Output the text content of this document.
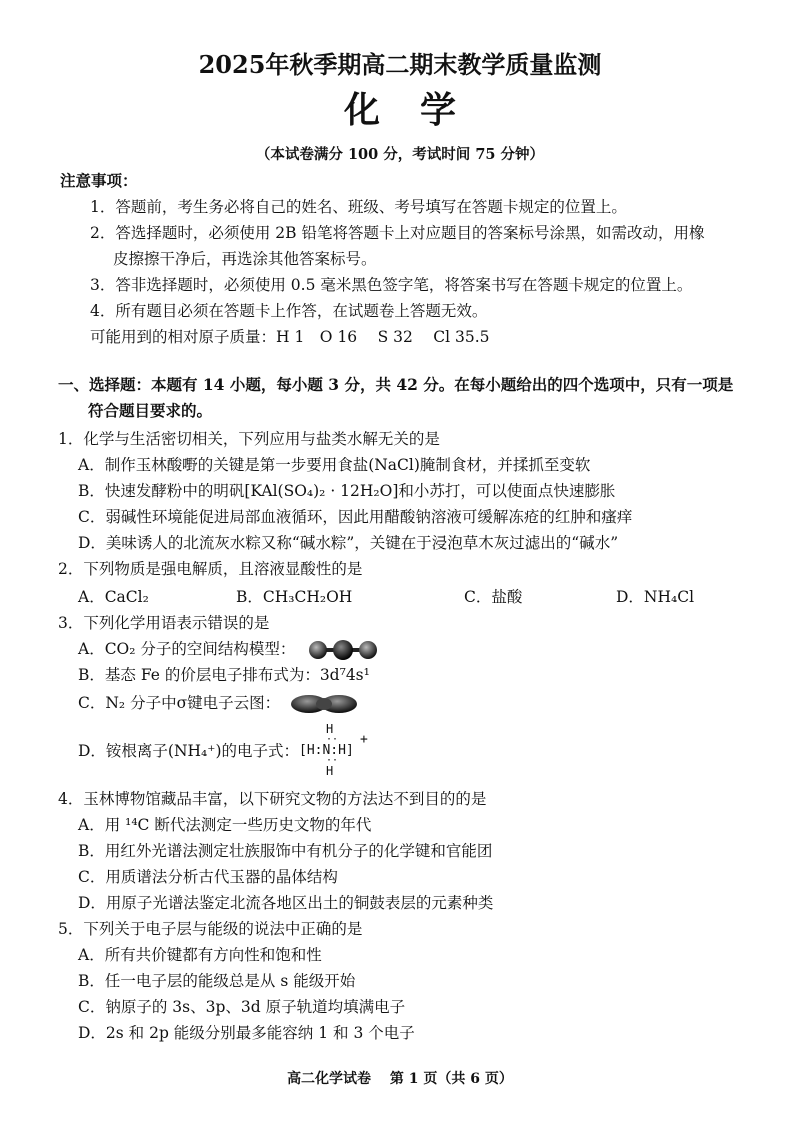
2025年秋季期高二期末教学质量监测
化学
（本试卷满分 100 分，考试时间 75 分钟）
注意事项：
1．答题前，考生务必将自己的姓名、班级、考号填写在答题卡规定的位置上。
2．答选择题时，必须使用 2B 铅笔将答题卡上对应题目的答案标号涂黑，如需改动，用橡
皮擦擦干净后，再选涂其他答案标号。
3．答非选择题时，必须使用 0.5 毫米黑色签字笔，将答案书写在答题卡规定的位置上。
4．所有题目必须在答题卡上作答，在试题卷上答题无效。
可能用到的相对原子质量：H 1　O 16　 S 32　 Cl 35.5
一、选择题：本题有 14 小题，每小题 3 分，共 42 分。在每小题给出的四个选项中，只有一项是
符合题目要求的。
1．化学与生活密切相关，下列应用与盐类水解无关的是
A．制作玉林酸嘢的关键是第一步要用食盐(NaCl)腌制食材，并揉抓至变软
B．快速发酵粉中的明矾[KAl(SO₄)₂ · 12H₂O]和小苏打，可以使面点快速膨胀
C．弱碱性环境能促进局部血液循环，因此用醋酸钠溶液可缓解冻疮的红肿和瘙痒
D．美味诱人的北流灰水粽又称“碱水粽”，关键在于浸泡草木灰过滤出的“碱水”
2．下列物质是强电解质，且溶液显酸性的是
A．CaCl₂	B．CH₃CH₂OH	C．盐酸	D．NH₄Cl
3．下列化学用语表示错误的是
A．CO₂ 分子的空间结构模型：
B．基态 Fe 的价层电子排布式为：3d⁷4s¹
C．N₂ 分子中σ键电子云图：
D．铵根离子(NH₄⁺)的电子式：
H
··
[H:N:H]
··
H
+
4．玉林博物馆藏品丰富，以下研究文物的方法达不到目的的是
A．用 ¹⁴C 断代法测定一些历史文物的年代
B．用红外光谱法测定壮族服饰中有机分子的化学键和官能团
C．用质谱法分析古代玉器的晶体结构
D．用原子光谱法鉴定北流各地区出土的铜鼓表层的元素种类
5．下列关于电子层与能级的说法中正确的是
A．所有共价键都有方向性和饱和性
B．任一电子层的能级总是从 s 能级开始
C．钠原子的 3s、3p、3d 原子轨道均填满电子
D．2s 和 2p 能级分别最多能容纳 1 和 3 个电子
高二化学试卷　 第 1 页（共 6 页）
